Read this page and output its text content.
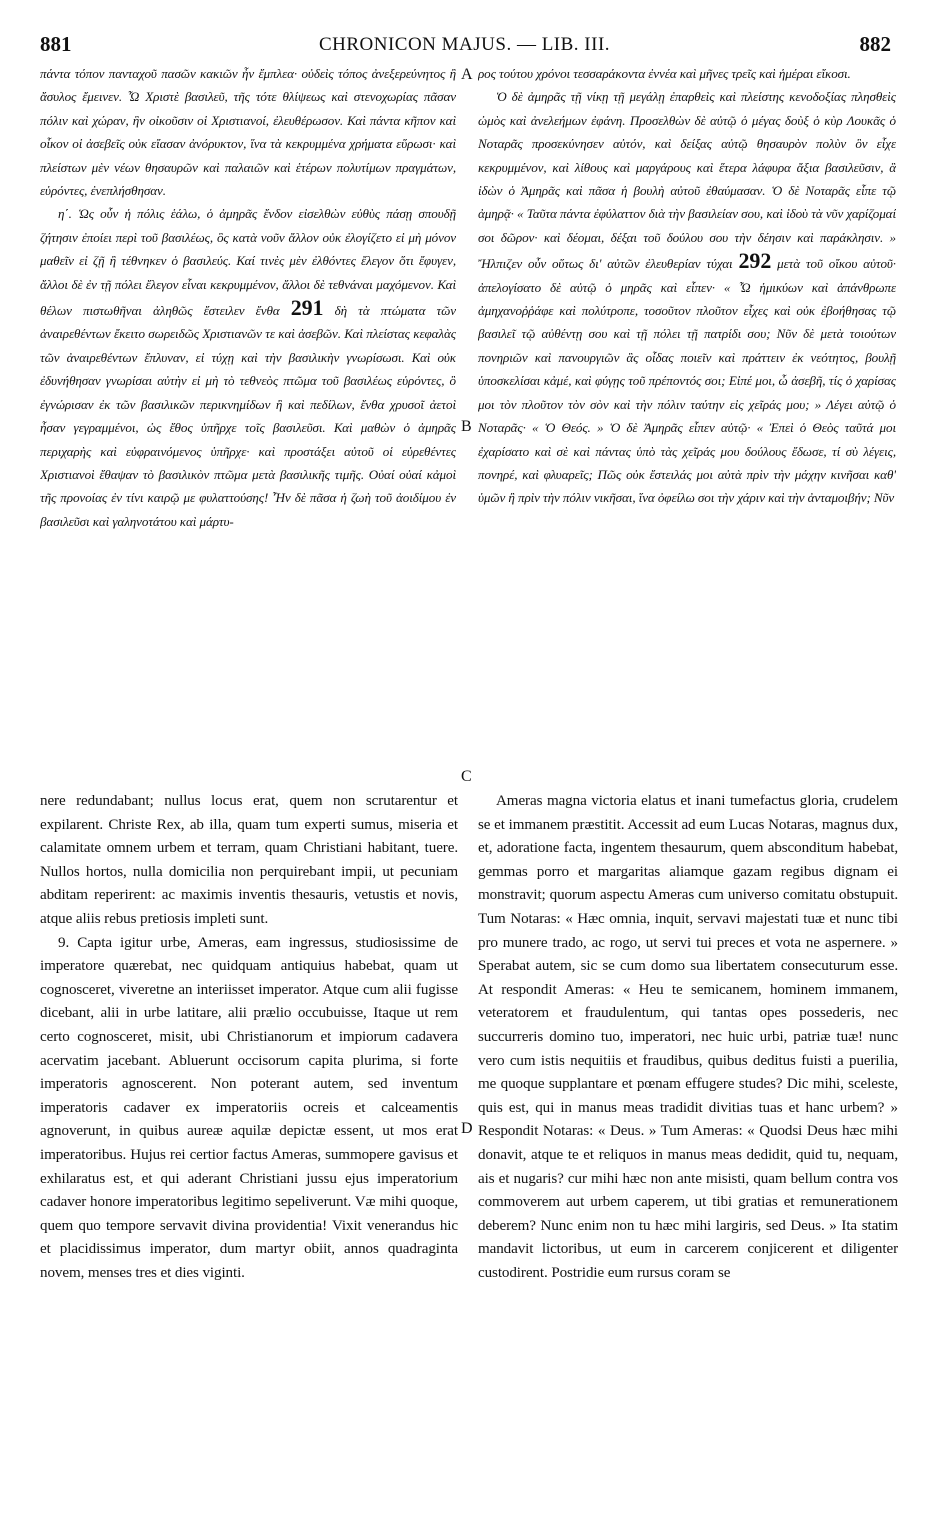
881	CHRONICON MAJUS. — LIB. III.	882
A
B
C
D

πάντα τόπον πανταχοῦ πασῶν κακιῶν ἦν ἔμπλεα· οὐδεὶς τόπος ἀνεξερεύνητος ἢ ἄσυλος ἔμεινεν. Ὦ Χριστὲ βασιλεῦ, τῆς τότε θλίψεως καὶ στενοχωρίας πᾶσαν πόλιν καὶ χώραν, ἣν οἰκοῦσιν οἱ Χριστιανοί, ἐλευθέρωσον. Καὶ πάντα κῆπον καὶ οἶκον οἱ ἀσεβεῖς οὐκ εἴασαν ἀνόρυκτον, ἵνα τὰ κεκρυμμένα χρήματα εὕρωσι· καὶ πλείστων μὲν νέων θησαυρῶν καὶ παλαιῶν καὶ ἑτέρων πολυτίμων πραγμάτων, εὑρόντες, ἐνεπλήσθησαν.

η΄. Ὡς οὖν ἡ πόλις ἑάλω, ὁ ἀμηρᾶς ἔνδον εἰσελθὼν εὐθὺς πάσῃ σπουδῇ ζήτησιν ἐποίει περὶ τοῦ βασιλέως, ὃς κατὰ νοῦν ἄλλον οὐκ ἐλογίζετο εἰ μὴ μόνον μαθεῖν εἰ ζῇ ἢ τέθνηκεν ὁ βασιλεύς. Καί τινὲς μὲν ἐλθόντες ἔλεγον ὅτι ἔφυγεν, ἄλλοι δὲ ἐν τῇ πόλει ἔλεγον εἶναι κεκρυμμένον, ἄλλοι δὲ τεθνάναι μαχόμενον. Καὶ θέλων πιστωθῆναι ἀληθῶς ἔστειλεν ἔνθα 291 δὴ τὰ πτώματα τῶν ἀναιρεθέντων ἔκειτο σωρειδῶς Χριστιανῶν τε καὶ ἀσεβῶν. Καὶ πλείστας κεφαλὰς τῶν ἀναιρεθέντων ἔπλυναν, εἰ τύχῃ καὶ τὴν βασιλικὴν γνωρίσωσι. Καὶ οὐκ ἐδυνήθησαν γνωρίσαι αὐτὴν εἰ μὴ τὸ τεθνεὸς πτῶμα τοῦ βασιλέως εὑρόντες, ὃ ἐγνώρισαν ἐκ τῶν βασιλικῶν περικνημίδων ἢ καὶ πεδίλων, ἔνθα χρυσοῖ ἀετοὶ ἦσαν γεγραμμένοι, ὡς ἔθος ὑπῆρχε τοῖς βασιλεῦσι. Καὶ μαθὼν ὁ ἀμηρᾶς περιχαρὴς καὶ εὐφραινόμενος ὑπῆρχε· καὶ προστάξει αὐτοῦ οἱ εὑρεθέντες Χριστιανοὶ ἔθαψαν τὸ βασιλικὸν πτῶμα μετὰ βασιλικῆς τιμῆς. Οὐαί οὐαί κἀμοὶ τῆς προνοίας ἐν τίνι καιρῷ με φυλαττούσης! Ἦν δὲ πᾶσα ἡ ζωὴ τοῦ ἀοιδίμου ἐν βασιλεῦσι καὶ γαληνοτάτου καὶ μάρτυ-

ρος τούτου χρόνοι τεσσαράκοντα ἐννέα καὶ μῆνες τρεῖς καὶ ἡμέραι εἴκοσι.

Ὁ δὲ ἀμηρᾶς τῇ νίκῃ τῇ μεγάλῃ ἐπαρθεὶς καὶ πλείστης κενοδοξίας πλησθεὶς ὠμὸς καὶ ἀνελεήμων ἐφάνη. Προσελθὼν δὲ αὐτῷ ὁ μέγας δοὺξ ὁ κὺρ Λουκᾶς ὁ Νοταρᾶς προσεκύνησεν αὐτόν, καὶ δείξας αὐτῷ θησαυρὸν πολὺν ὃν εἶχε κεκρυμμένον, καὶ λίθους καὶ μαργάρους καὶ ἕτερα λάφυρα ἄξια βασιλεῦσιν, ἃ ἰδὼν ὁ Ἀμηρᾶς καὶ πᾶσα ἡ βουλὴ αὐτοῦ ἐθαύμασαν. Ὁ δὲ Νοταρᾶς εἶπε τῷ ἀμηρᾷ· « Ταῦτα πάντα ἐφύλαττον διὰ τὴν βασιλείαν σου, καὶ ἰδοὺ τὰ νῦν χαρίζομαί σοι δῶρον· καὶ δέομαι, δέξαι τοῦ δούλου σου τὴν δέησιν καὶ παράκλησιν. » Ἤλπιζεν οὖν οὕτως δι' αὐτῶν ἐλευθερίαν τύχαι 292 μετὰ τοῦ οἴκου αὐτοῦ· ἀπελογίσατο δὲ αὐτῷ ὁ μηρᾶς καὶ εἶπεν· « Ὦ ἡμικύων καὶ ἀπάνθρωπε ἀμηχανοῤῥάφε καὶ πολύτροπε, τοσοῦτον πλοῦτον εἶχες καὶ οὐκ ἐβοήθησας τῷ βασιλεῖ τῷ αὐθέντῃ σου καὶ τῇ πόλει τῇ πατρίδι σου; Νῦν δὲ μετὰ τοιούτων πονηριῶν καὶ πανουργιῶν ἃς οἶδας ποιεῖν καὶ πράττειν ἐκ νεότητος, βουλῇ ὑποσκελίσαι κἀμέ, καὶ φύγῃς τοῦ πρέποντός σοι; Εἰπέ μοι, ὦ ἀσεβῆ, τίς ὁ χαρίσας μοι τὸν πλοῦτον τὸν σὸν καὶ τὴν πόλιν ταύτην εἰς χεῖράς μου; » Λέγει αὐτῷ ὁ Νοταρᾶς· « Ὁ Θεός. » Ὁ δὲ Ἀμηρᾶς εἶπεν αὐτῷ· « Ἐπεὶ ὁ Θεὸς ταῦτά μοι ἐχαρίσατο καὶ σὲ καὶ πάντας ὑπὸ τὰς χεῖράς μου δούλους ἔδωσε, τί σὺ λέγεις, πονηρέ, καὶ φλυαρεῖς; Πῶς οὐκ ἔστειλάς μοι αὐτὰ πρὶν τὴν μάχην κινῆσαι καθ' ὑμῶν ἢ πρὶν τὴν πόλιν νικῆσαι, ἵνα ὀφείλω σοι τὴν χάριν καὶ τὴν ἀνταμοιβήν; Νῦν

nere redundabant; nullus locus erat, quem non scrutarentur et expilarent. Christe Rex, ab illa, quam tum experti sumus, miseria et calamitate omnem urbem et terram, quam Christiani habitant, tuere. Nullos hortos, nulla domicilia non perquirebant impii, ut pecuniam abditam reperirent: ac maximis inventis thesauris, vetustis et novis, atque aliis rebus pretiosis impleti sunt.

9. Capta igitur urbe, Ameras, eam ingressus, studiosissime de imperatore quærebat, nec quidquam antiquius habebat, quam ut cognosceret, viveretne an interiisset imperator. Atque cum alii fugisse dicebant, alii in urbe latitare, alii prælio occubuisse, Itaque ut rem certo cognosceret, misit, ubi Christianorum et impiorum cadavera acervatim jacebant. Abluerunt occisorum capita plurima, si forte imperatoris agnoscerent. Non poterant autem, sed inventum imperatoris cadaver ex imperatoriis ocreis et calceamentis agnoverunt, in quibus aureæ aquilæ depictæ essent, ut mos erat imperatoribus. Hujus rei certior factus Ameras, summopere gavisus et exhilaratus est, et qui aderant Christiani jussu ejus imperatorium cadaver honore imperatoribus legitimo sepeliverunt. Væ mihi quoque, quem quo tempore servavit divina providentia! Vixit venerandus hic et placidissimus imperator, dum martyr obiit, annos quadraginta novem, menses tres et dies viginti.

Ameras magna victoria elatus et inani tumefactus gloria, crudelem se et immanem præstitit. Accessit ad eum Lucas Notaras, magnus dux, et, adoratione facta, ingentem thesaurum, quem absconditum habebat, gemmas porro et margaritas aliamque gazam regibus dignam ei monstravit; quorum aspectu Ameras cum universo comitatu obstupuit. Tum Notaras: « Hæc omnia, inquit, servavi majestati tuæ et nunc tibi pro munere trado, ac rogo, ut servi tui preces et vota ne aspernere. » Sperabat autem, sic se cum domo sua libertatem consecuturum esse. At respondit Ameras: « Heu te semicanem, hominem immanem, veteratorem et fraudulentum, qui tantas opes possederis, nec succurreris domino tuo, imperatori, nec huic urbi, patriæ tuæ! nunc vero cum istis nequitiis et fraudibus, quibus deditus fuisti a puerilia, me quoque supplantare et pœnam effugere studes? Dic mihi, scelestе, quis est, qui in manus meas tradidit divitias tuas et hanc urbem? » Respondit Notaras: « Deus. » Tum Ameras: « Quodsi Deus hæc mihi donavit, atque te et reliquos in manus meas dedidit, quid tu, nequam, ais et nugaris? cur mihi hæc non ante misisti, quam bellum contra vos commoverem aut urbem caperem, ut tibi gratias et remunerationem deberem? Nunc enim non tu hæc mihi largiris, sed Deus. » Ita statim mandavit lictoribus, ut eum in carcerem conjicerent et diligenter custodirent. Postridie eum rursus coram se
